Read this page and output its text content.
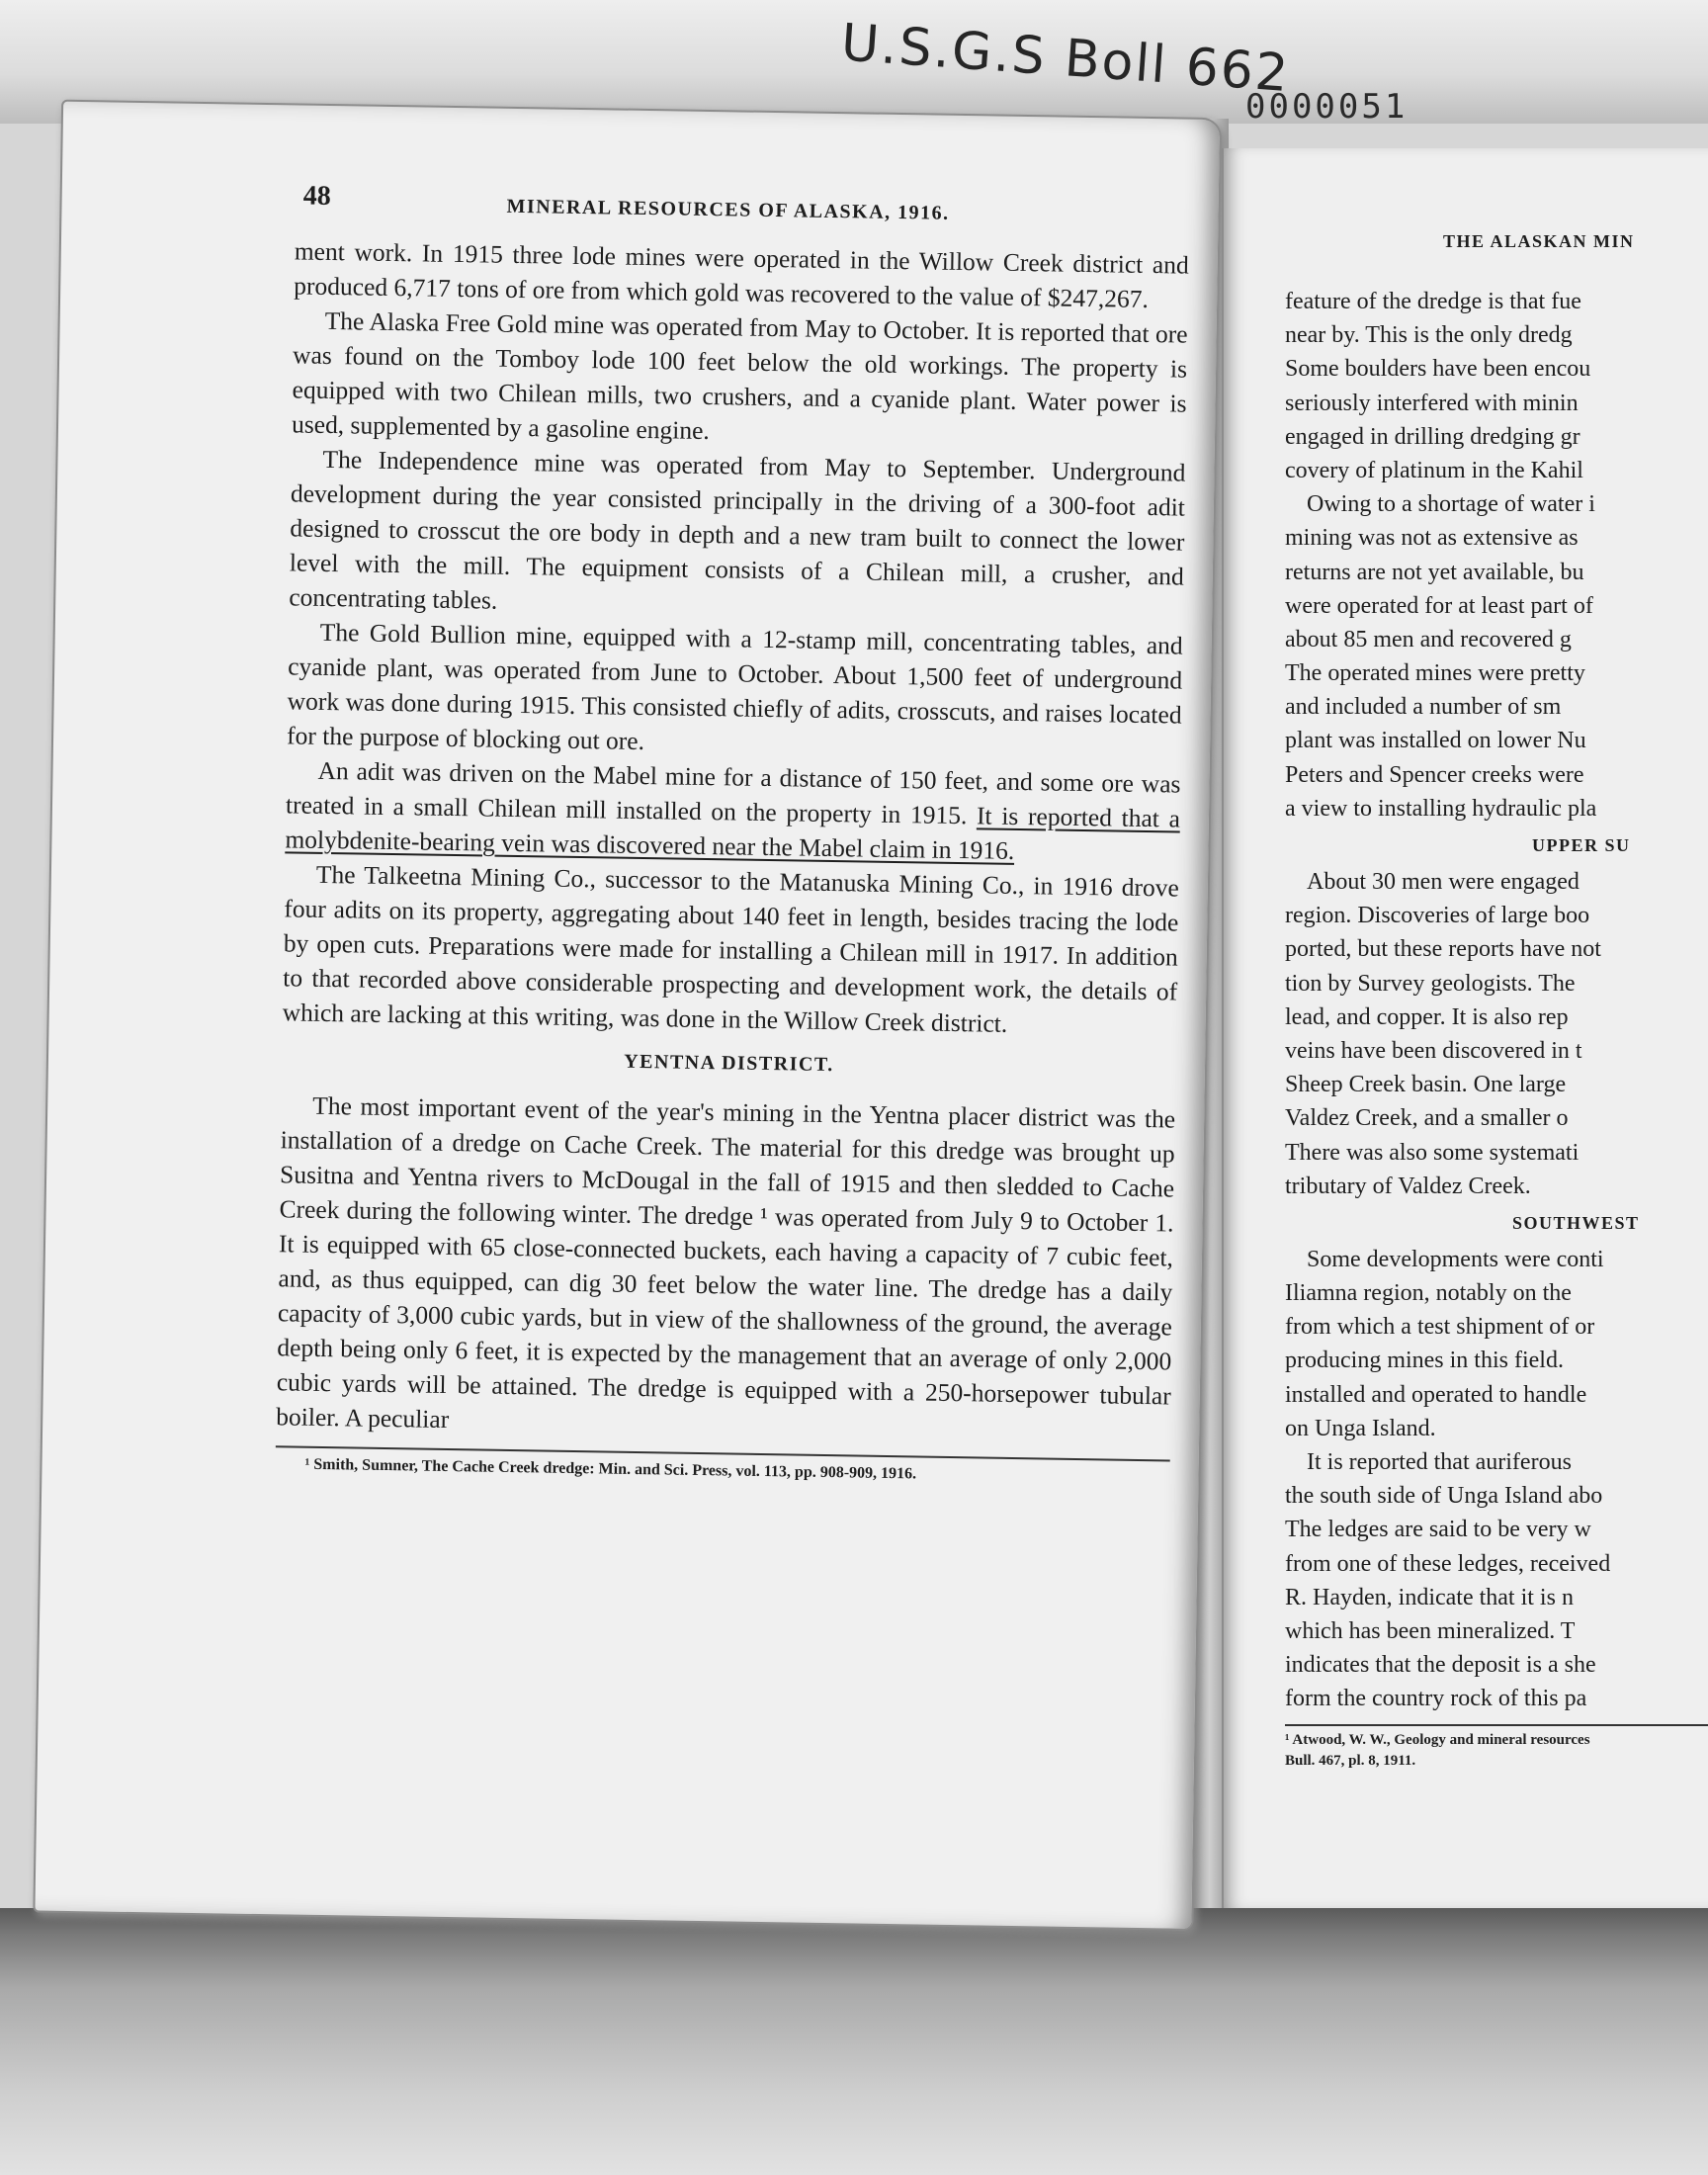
U.S.G.S Boll 662
0000051
48	MINERAL RESOURCES OF ALASKA, 1916.

ment work. In 1915 three lode mines were operated in the Willow Creek district and produced 6,717 tons of ore from which gold was recovered to the value of $247,267.

The Alaska Free Gold mine was operated from May to October. It is reported that ore was found on the Tomboy lode 100 feet below the old workings. The property is equipped with two Chilean mills, two crushers, and a cyanide plant. Water power is used, supplemented by a gasoline engine.

The Independence mine was operated from May to September. Underground development during the year consisted principally in the driving of a 300-foot adit designed to crosscut the ore body in depth and a new tram built to connect the lower level with the mill. The equipment consists of a Chilean mill, a crusher, and concentrating tables.

The Gold Bullion mine, equipped with a 12-stamp mill, concentrating tables, and cyanide plant, was operated from June to October. About 1,500 feet of underground work was done during 1915. This consisted chiefly of adits, crosscuts, and raises located for the purpose of blocking out ore.

An adit was driven on the Mabel mine for a distance of 150 feet, and some ore was treated in a small Chilean mill installed on the property in 1915. It is reported that a molybdenite-bearing vein was discovered near the Mabel claim in 1916.

The Talkeetna Mining Co., successor to the Matanuska Mining Co., in 1916 drove four adits on its property, aggregating about 140 feet in length, besides tracing the lode by open cuts. Preparations were made for installing a Chilean mill in 1917. In addition to that recorded above considerable prospecting and development work, the details of which are lacking at this writing, was done in the Willow Creek district.

YENTNA DISTRICT.

The most important event of the year's mining in the Yentna placer district was the installation of a dredge on Cache Creek. The material for this dredge was brought up Susitna and Yentna rivers to McDougal in the fall of 1915 and then sledded to Cache Creek during the following winter. The dredge ¹ was operated from July 9 to October 1. It is equipped with 65 close-connected buckets, each having a capacity of 7 cubic feet, and, as thus equipped, can dig 30 feet below the water line. The dredge has a daily capacity of 3,000 cubic yards, but in view of the shallowness of the ground, the average depth being only 6 feet, it is expected by the management that an average of only 2,000 cubic yards will be attained. The dredge is equipped with a 250-horsepower tubular boiler. A peculiar

¹ Smith, Sumner, The Cache Creek dredge: Min. and Sci. Press, vol. 113, pp. 908-909, 1916.
THE ALASKAN MIN
feature of the dredge is that fue
near by. This is the only dredg
Some boulders have been encou
seriously interfered with minin
engaged in drilling dredging gr
covery of platinum in the Kahil
Owing to a shortage of water i
mining was not as extensive as
returns are not yet available, bu
were operated for at least part of
about 85 men and recovered g
The operated mines were pretty
and included a number of sm
plant was installed on lower Nu
Peters and Spencer creeks were
a view to installing hydraulic pla
UPPER SU
About 30 men were engaged
region. Discoveries of large boo
ported, but these reports have not
tion by Survey geologists. The
lead, and copper. It is also rep
veins have been discovered in t
Sheep Creek basin. One large
Valdez Creek, and a smaller o
There was also some systemati
tributary of Valdez Creek.
SOUTHWEST
Some developments were conti
Iliamna region, notably on the
from which a test shipment of or
producing mines in this field.
installed and operated to handle
on Unga Island.
It is reported that auriferous
the south side of Unga Island abo
The ledges are said to be very w
from one of these ledges, received
R. Hayden, indicate that it is n
which has been mineralized. T
indicates that the deposit is a she
form the country rock of this pa
¹ Atwood, W. W., Geology and mineral resources
Bull. 467, pl. 8, 1911.
